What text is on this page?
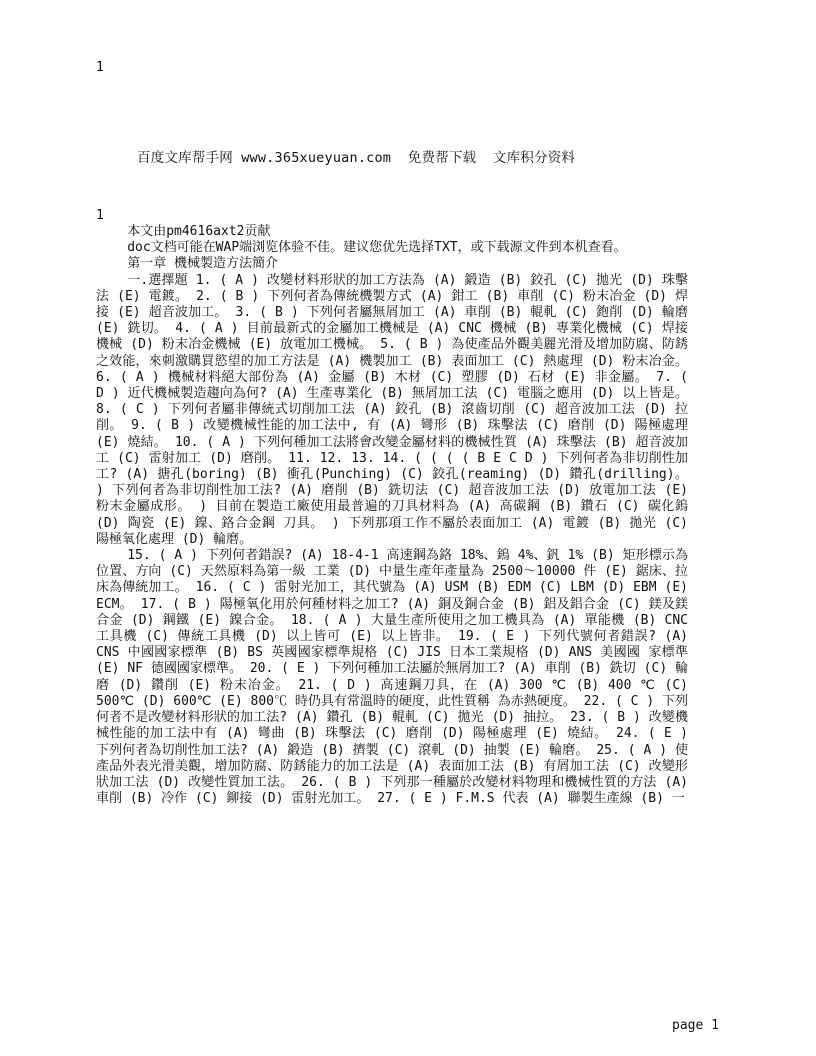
1
百度文库帮手网 www.365xueyuan.com  免费帮下载  文库积分资料
1

本文由pm4616axt2贡献

doc文档可能在WAP端浏览体验不佳。建议您优先选择TXT，或下载源文件到本机查看。

第一章 機械製造方法簡介

一.選擇題 1. ( A ) 改變材料形狀的加工方法為 (A) 鍛造 (B) 鉸孔 (C) 拋光 (D) 珠擊法 (E) 電鍍。 2. ( B ) 下列何者為傳統機製方式 (A) 鉗工 (B) 車削 (C) 粉末冶金 (D) 焊接 (E) 超音波加工。 3. ( B ) 下列何者屬無屑加工 (A) 車削 (B) 輥軋 (C) 鉋削 (D) 輪磨 (E) 銑切。 4. ( A ) 目前最新式的金屬加工機械是 (A) CNC 機械 (B) 專業化機械 (C) 焊接機械 (D) 粉末冶金機械 (E) 放電加工機械。 5. ( B ) 為使產品外觀美麗光滑及增加防腐、防銹之效能，來刺激購買慾望的加工方法是 (A) 機製加工 (B) 表面加工 (C) 熱處理 (D) 粉末冶金。 6. ( A ) 機械材料絕大部份為 (A) 金屬 (B) 木材 (C) 塑膠 (D) 石材 (E) 非金屬。 7. ( D ) 近代機械製造趨向為何? (A) 生產專業化 (B) 無屑加工法 (C) 電腦之應用 (D) 以上皆是。 8. ( C ) 下列何者屬非傳統式切削加工法 (A) 鉸孔 (B) 滾齒切削 (C) 超音波加工法 (D) 拉削。 9. ( B ) 改變機械性能的加工法中, 有 (A) 彎形 (B) 珠擊法 (C) 磨削 (D) 陽極處理 (E) 燒結。 10. ( A ) 下列何種加工法將會改變金屬材料的機械性質 (A) 珠擊法 (B) 超音波加工 (C) 雷射加工 (D) 磨削。 11. 12. 13. 14. ( ( ( ( B E C D ) 下列何者為非切削性加工? (A) 搪孔(boring) (B) 衝孔(Punching) (C) 鉸孔(reaming) (D) 鑽孔(drilling)。 ) 下列何者為非切削性加工法? (A) 磨削 (B) 銑切法 (C) 超音波加工法 (D) 放電加工法 (E) 粉末金屬成形。 ) 目前在製造工廠使用最普遍的刀具材料為 (A) 高碳鋼 (B) 鑽石 (C) 碳化鎢 (D) 陶瓷 (E) 鎳、鉻合金鋼 刀具。 ) 下列那項工作不屬於表面加工 (A) 電鍍 (B) 拋光 (C) 陽極氧化處理 (D) 輪磨。

15. ( A ) 下列何者錯誤? (A) 18-4-1 高速鋼為鉻 18%、鎢 4%、釩 1% (B) 矩形標示為位置、方向 (C) 天然原料為第一級 工業 (D) 中量生產年產量為 2500～10000 件 (E) 鋸床、拉床為傳統加工。 16. ( C ) 雷射光加工，其代號為 (A) USM (B) EDM (C) LBM (D) EBM (E) ECM。 17. ( B ) 陽極氧化用於何種材料之加工? (A) 銅及銅合金 (B) 鋁及鋁合金 (C) 鎂及鎂合金 (D) 鋼鐵 (E) 鎳合金。 18. ( A ) 大量生產所使用之加工機具為 (A) 單能機 (B) CNC 工具機 (C) 傳統工具機 (D) 以上皆可 (E) 以上皆非。 19. ( E ) 下列代號何者錯誤? (A) CNS 中國國家標準 (B) BS 英國國家標準規格 (C) JIS 日本工業規格 (D) ANS 美國國 家標準 (E) NF 德國國家標準。 20. ( E ) 下列何種加工法屬於無屑加工? (A) 車削 (B) 銑切 (C) 輪磨 (D) 鑽削 (E) 粉末冶金。 21. ( D ) 高速鋼刀具，在 (A) 300 ℃ (B) 400 ℃ (C) 500℃ (D) 600℃ (E) 800℃ 時仍具有常溫時的硬度，此性質稱 為赤熱硬度。 22. ( C ) 下列何者不是改變材料形狀的加工法? (A) 鑽孔 (B) 輥軋 (C) 拋光 (D) 抽拉。 23. ( B ) 改變機械性能的加工法中有 (A) 彎曲 (B) 珠擊法 (C) 磨削 (D) 陽極處理 (E) 燒結。 24. ( E ) 下列何者為切削性加工法? (A) 鍛造 (B) 擠製 (C) 滾軋 (D) 抽製 (E) 輪磨。 25. ( A ) 使產品外表光滑美觀，增加防腐、防銹能力的加工法是 (A) 表面加工法 (B) 有屑加工法 (C) 改變形狀加工法 (D) 改變性質加工法。 26. ( B ) 下列那一種屬於改變材料物理和機械性質的方法 (A) 車削 (B) 冷作 (C) 鉚接 (D) 雷射光加工。 27. ( E ) F.M.S 代表 (A) 聯製生產線 (B) 一

page 1
